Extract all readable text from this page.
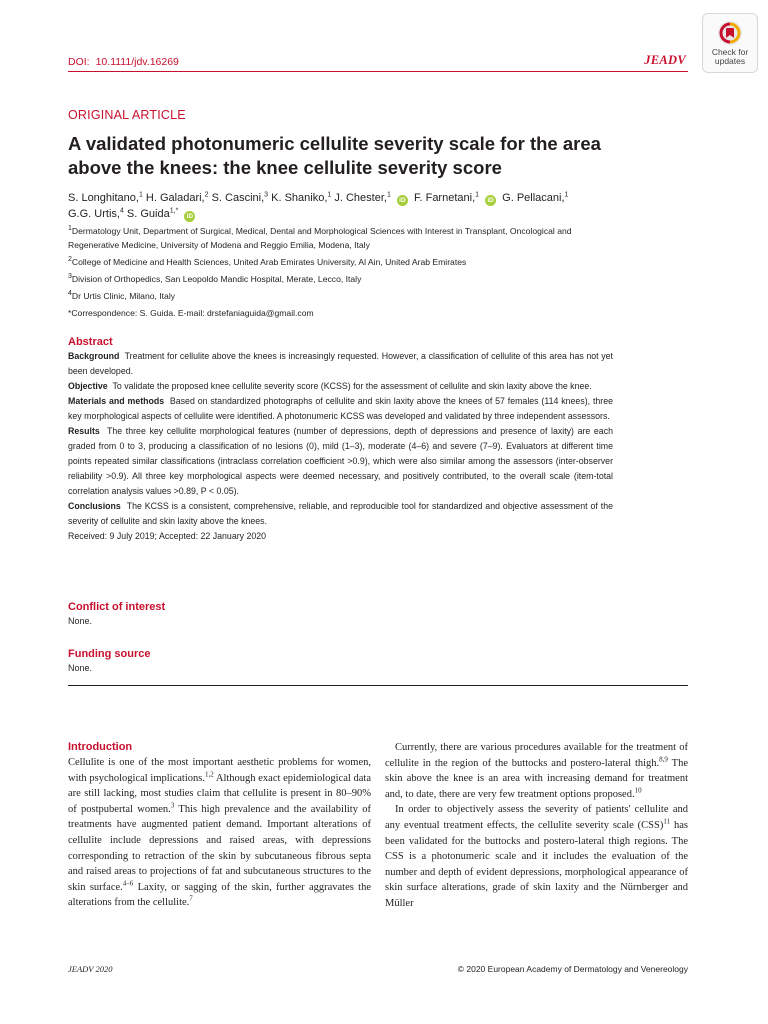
DOI: 10.1111/jdv.16269	JEADV
Check for
updates
ORIGINAL ARTICLE
A validated photonumeric cellulite severity scale for the area above the knees: the knee cellulite severity score
S. Longhitano,$^1$ H. Galadari,$^2$ S. Cascini,$^3$ K. Shaniko,$^1$ J. Chester,$^1$ iD F. Farnetani,$^1$ iD G. Pellacani,$^1$
G.G. Urtis,$^4$ S. Guida$^{1,*}$ iD
$^1$Dermatology Unit, Department of Surgical, Medical, Dental and Morphological Sciences with Interest in Transplant, Oncological and
Regenerative Medicine, University of Modena and Reggio Emilia, Modena, Italy
$^2$College of Medicine and Health Sciences, United Arab Emirates University, Al Ain, United Arab Emirates
$^3$Division of Orthopedics, San Leopoldo Mandic Hospital, Merate, Lecco, Italy
$^4$Dr Urtis Clinic, Milano, Italy
*Correspondence: S. Guida. E-mail: drstefaniaguida@gmail.com
Abstract

Background Treatment for cellulite above the knees is increasingly requested. However, a classification of cellulite of this area has not yet been developed.

Objective To validate the proposed knee cellulite severity score (KCSS) for the assessment of cellulite and skin laxity above the knee.

Materials and methods Based on standardized photographs of cellulite and skin laxity above the knees of 57 females (114 knees), three key morphological aspects of cellulite were identified. A photonumeric KCSS was developed and validated by three independent assessors.

Results The three key cellulite morphological features (number of depressions, depth of depressions and presence of laxity) are each graded from 0 to 3, producing a classification of no lesions (0), mild (1–3), moderate (4–6) and severe (7–9). Evaluators at different time points repeated similar classifications (intraclass correlation coefficient >0.9), which were also similar among the assessors (inter-observer reliability >0.9). All three key morphological aspects were deemed necessary, and positively contributed, to the overall scale (item-total correlation analysis values >0.89, P < 0.05).

Conclusions The KCSS is a consistent, comprehensive, reliable, and reproducible tool for standardized and objective assessment of the severity of cellulite and skin laxity above the knees.

Received: 9 July 2019; Accepted: 22 January 2020

Conflict of interest

None.

Funding source

None.

Introduction

Cellulite is one of the most important aesthetic problems for women, with psychological implications.$^{1,2}$ Although exact epidemiological data are still lacking, most studies claim that cellulite is present in 80–90% of postpubertal women.$^3$ This high prevalence and the availability of treatments have augmented patient demand. Important alterations of cellulite include depressions and raised areas, with depressions corresponding to retraction of the skin by subcutaneous fibrous septa and raised areas to projections of fat and subcutaneous structures to the skin surface.$^{4-6}$ Laxity, or sagging of the skin, further aggravates the alterations from the cellulite.$^7$

Currently, there are various procedures available for the treatment of cellulite in the region of the buttocks and postero-lateral thigh.$^{8,9}$ The skin above the knee is an area with increasing demand for treatment and, to date, there are very few treatment options proposed.$^{10}$

In order to objectively assess the severity of patients' cellulite and any eventual treatment effects, the cellulite severity scale (CSS)$^{11}$ has been validated for the buttocks and postero-lateral thigh regions. The CSS is a photonumeric scale and it includes the evaluation of the number and depth of evident depressions, morphological appearance of skin surface alterations, grade of skin laxity and the Nürnberger and Müller

JEADV 2020	© 2020 European Academy of Dermatology and Venereology
